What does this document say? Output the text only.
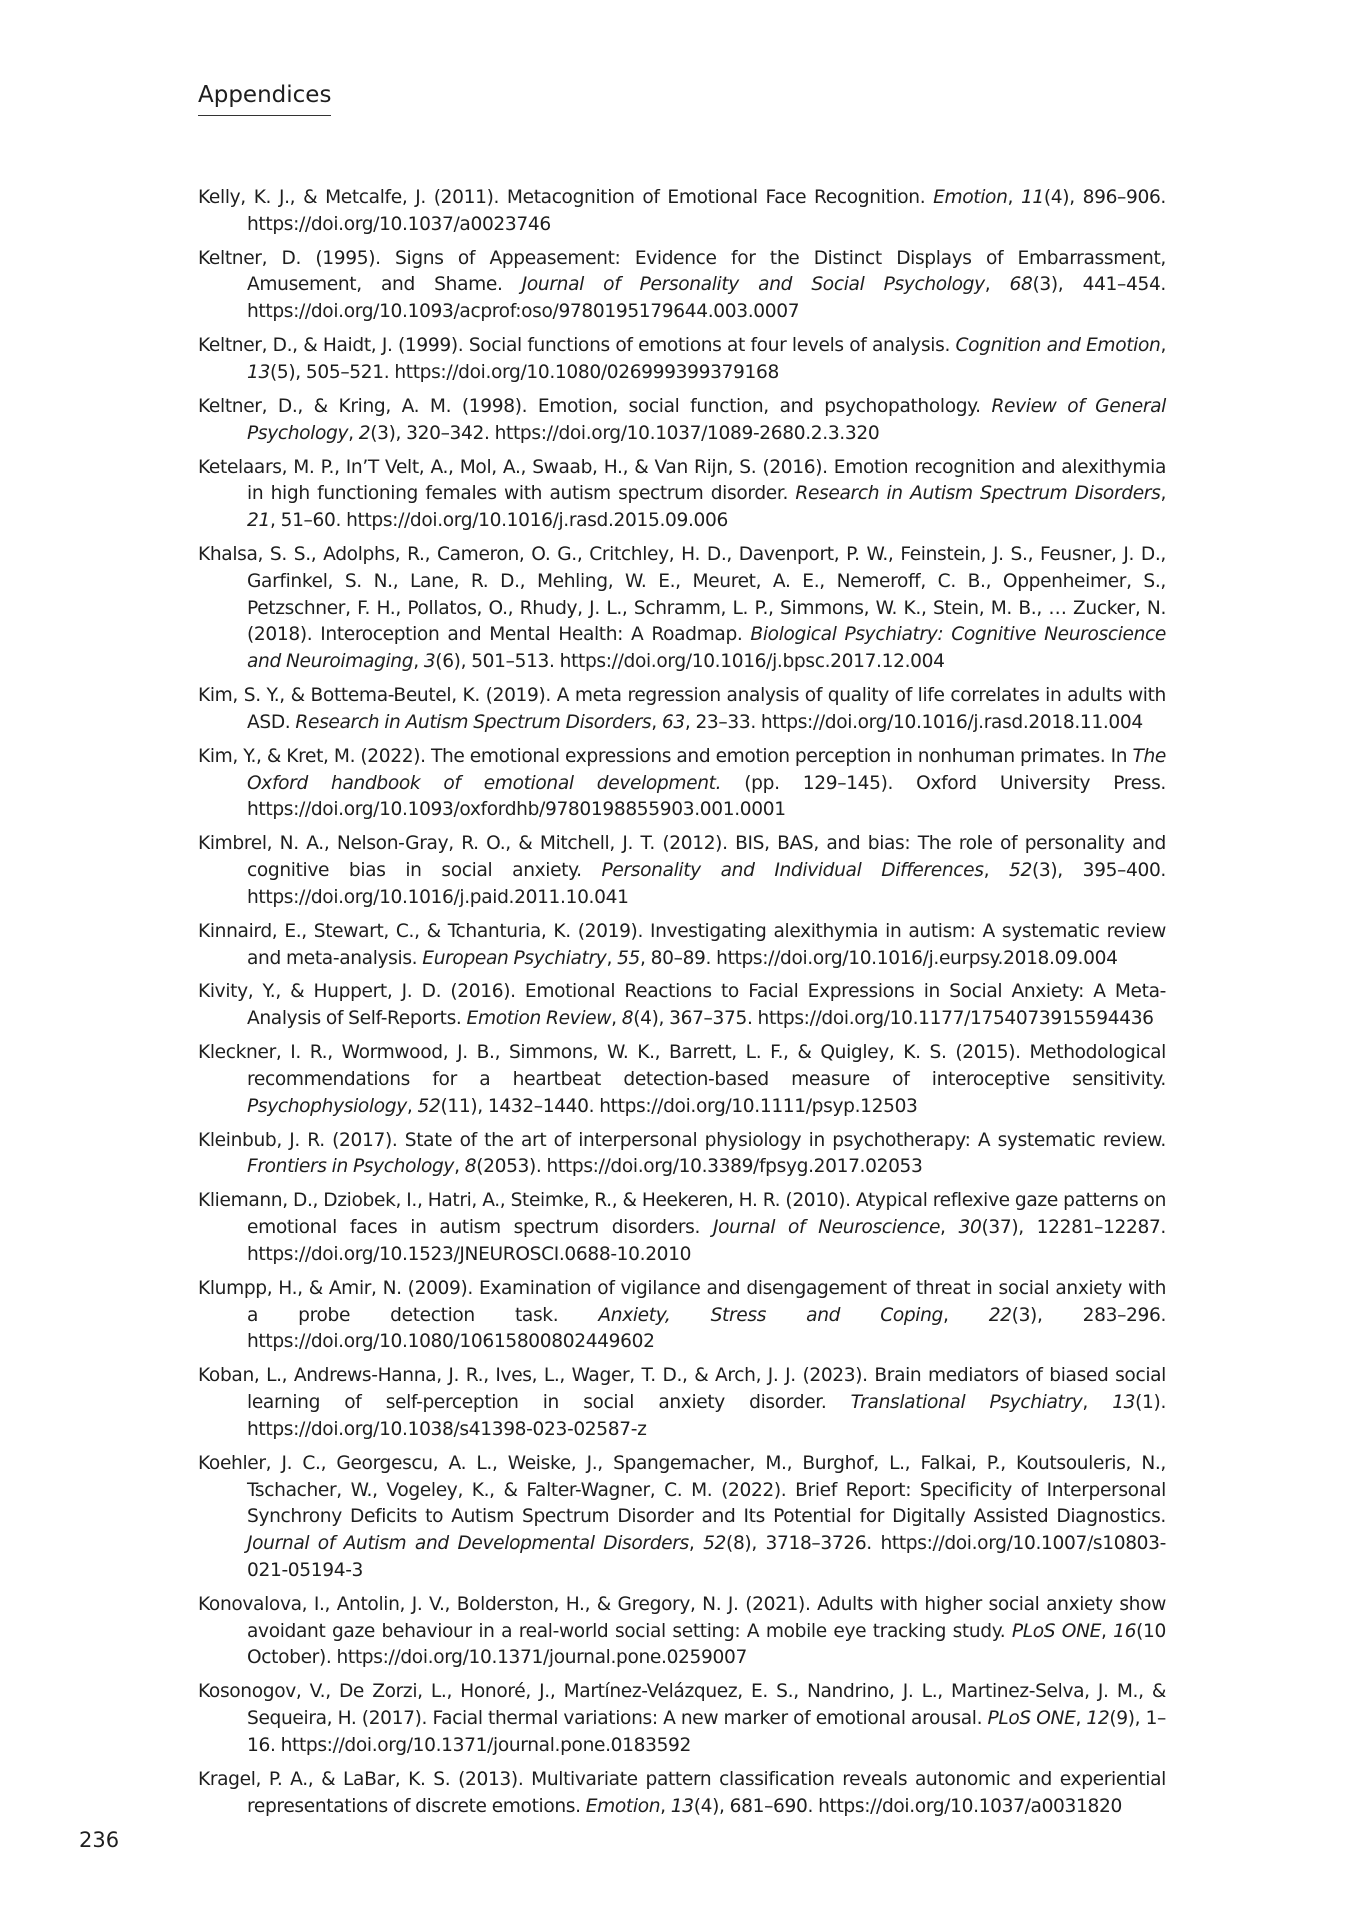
Appendices
Kelly, K. J., & Metcalfe, J. (2011). Metacognition of Emotional Face Recognition. Emotion, 11(4), 896–906. https://doi.org/10.1037/a0023746
Keltner, D. (1995). Signs of Appeasement: Evidence for the Distinct Displays of Embarrassment, Amusement, and Shame. Journal of Personality and Social Psychology, 68(3), 441–454. https://doi.org/10.1093/acprof:oso/9780195179644.003.0007
Keltner, D., & Haidt, J. (1999). Social functions of emotions at four levels of analysis. Cognition and Emotion, 13(5), 505–521. https://doi.org/10.1080/026999399379168
Keltner, D., & Kring, A. M. (1998). Emotion, social function, and psychopathology. Review of General Psychology, 2(3), 320–342. https://doi.org/10.1037/1089-2680.2.3.320
Ketelaars, M. P., In’T Velt, A., Mol, A., Swaab, H., & Van Rijn, S. (2016). Emotion recognition and alexithymia in high functioning females with autism spectrum disorder. Research in Autism Spectrum Disorders, 21, 51–60. https://doi.org/10.1016/j.rasd.2015.09.006
Khalsa, S. S., Adolphs, R., Cameron, O. G., Critchley, H. D., Davenport, P. W., Feinstein, J. S., Feusner, J. D., Garfinkel, S. N., Lane, R. D., Mehling, W. E., Meuret, A. E., Nemeroff, C. B., Oppenheimer, S., Petzschner, F. H., Pollatos, O., Rhudy, J. L., Schramm, L. P., Simmons, W. K., Stein, M. B., … Zucker, N. (2018). Interoception and Mental Health: A Roadmap. Biological Psychiatry: Cognitive Neuroscience and Neuroimaging, 3(6), 501–513. https://doi.org/10.1016/j.bpsc.2017.12.004
Kim, S. Y., & Bottema-Beutel, K. (2019). A meta regression analysis of quality of life correlates in adults with ASD. Research in Autism Spectrum Disorders, 63, 23–33. https://doi.org/10.1016/j.rasd.2018.11.004
Kim, Y., & Kret, M. (2022). The emotional expressions and emotion perception in nonhuman primates. In The Oxford handbook of emotional development. (pp. 129–145). Oxford University Press. https://doi.org/10.1093/oxfordhb/9780198855903.001.0001
Kimbrel, N. A., Nelson-Gray, R. O., & Mitchell, J. T. (2012). BIS, BAS, and bias: The role of personality and cognitive bias in social anxiety. Personality and Individual Differences, 52(3), 395–400. https://doi.org/10.1016/j.paid.2011.10.041
Kinnaird, E., Stewart, C., & Tchanturia, K. (2019). Investigating alexithymia in autism: A systematic review and meta-analysis. European Psychiatry, 55, 80–89. https://doi.org/10.1016/j.eurpsy.2018.09.004
Kivity, Y., & Huppert, J. D. (2016). Emotional Reactions to Facial Expressions in Social Anxiety: A Meta-Analysis of Self-Reports. Emotion Review, 8(4), 367–375. https://doi.org/10.1177/1754073915594436
Kleckner, I. R., Wormwood, J. B., Simmons, W. K., Barrett, L. F., & Quigley, K. S. (2015). Methodological recommendations for a heartbeat detection-based measure of interoceptive sensitivity. Psychophysiology, 52(11), 1432–1440. https://doi.org/10.1111/psyp.12503
Kleinbub, J. R. (2017). State of the art of interpersonal physiology in psychotherapy: A systematic review. Frontiers in Psychology, 8(2053). https://doi.org/10.3389/fpsyg.2017.02053
Kliemann, D., Dziobek, I., Hatri, A., Steimke, R., & Heekeren, H. R. (2010). Atypical reflexive gaze patterns on emotional faces in autism spectrum disorders. Journal of Neuroscience, 30(37), 12281–12287. https://doi.org/10.1523/JNEUROSCI.0688-10.2010
Klumpp, H., & Amir, N. (2009). Examination of vigilance and disengagement of threat in social anxiety with a probe detection task. Anxiety, Stress and Coping, 22(3), 283–296. https://doi.org/10.1080/10615800802449602
Koban, L., Andrews-Hanna, J. R., Ives, L., Wager, T. D., & Arch, J. J. (2023). Brain mediators of biased social learning of self-perception in social anxiety disorder. Translational Psychiatry, 13(1). https://doi.org/10.1038/s41398-023-02587-z
Koehler, J. C., Georgescu, A. L., Weiske, J., Spangemacher, M., Burghof, L., Falkai, P., Koutsouleris, N., Tschacher, W., Vogeley, K., & Falter-Wagner, C. M. (2022). Brief Report: Specificity of Interpersonal Synchrony Deficits to Autism Spectrum Disorder and Its Potential for Digitally Assisted Diagnostics. Journal of Autism and Developmental Disorders, 52(8), 3718–3726. https://doi.org/10.1007/s10803-021-05194-3
Konovalova, I., Antolin, J. V., Bolderston, H., & Gregory, N. J. (2021). Adults with higher social anxiety show avoidant gaze behaviour in a real-world social setting: A mobile eye tracking study. PLoS ONE, 16(10 October). https://doi.org/10.1371/journal.pone.0259007
Kosonogov, V., De Zorzi, L., Honoré, J., Martínez-Velázquez, E. S., Nandrino, J. L., Martinez-Selva, J. M., & Sequeira, H. (2017). Facial thermal variations: A new marker of emotional arousal. PLoS ONE, 12(9), 1–16. https://doi.org/10.1371/journal.pone.0183592
Kragel, P. A., & LaBar, K. S. (2013). Multivariate pattern classification reveals autonomic and experiential representations of discrete emotions. Emotion, 13(4), 681–690. https://doi.org/10.1037/a0031820
236
